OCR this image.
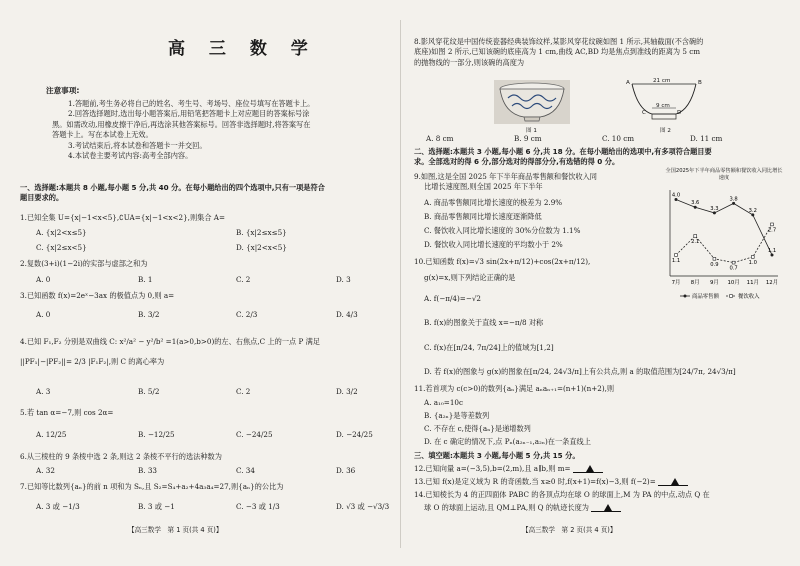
高 三 数 学
注意事项:
1.答题前,考生务必将自己的姓名、考生号、考场号、座位号填写在答题卡上。
2.回答选择题时,选出每小题答案后,用铅笔把答题卡上对应题目的答案标号涂
黑。如需改动,用橡皮擦干净后,再选涂其他答案标号。回答非选择题时,将答案写在
答题卡上。写在本试卷上无效。
3.考试结束后,将本试卷和答题卡一并交回。
4.本试卷主要考试内容:高考全部内容。
一、选择题:本题共 8 小题,每小题 5 分,共 40 分。在每小题给出的四个选项中,只有一项是符合
题目要求的。
1.已知全集 U={x|−1<x<5},∁UA={x|−1<x<2},则集合 A=
A. {x|2<x≤5}	B. {x|2≤x≤5}
C. {x|2≤x<5}	D. {x|2<x<5}
2.复数(3+i)(1−2i)的实部与虚部之和为
A. 0	B. 1	C. 2	D. 3
3.已知函数 f(x)=2eˣ−3ax 的极值点为 0,则 a=
A. 0	B. 3/2	C. 2/3	D. 4/3
4.已知 F₁,F₂ 分别是双曲线 C: x²/a² − y²/b² =1(a>0,b>0)的左、右焦点,C 上的一点 P 满足
||PF₁|−|PF₂||= 2/3 |F₁F₂|,则 C 的离心率为
A. 3	B. 5/2	C. 2	D. 3/2
5.若 tan α=−7,则 cos 2α=
A. 12/25	B. −12/25	C. −24/25	D. −24/25
6.从三棱柱的 9 条棱中选 2 条,则这 2 条棱不平行的选法种数为
A. 32	B. 33	C. 34	D. 36
7.已知等比数列{aₙ}的前 n 项和为 Sₙ,且 S₂=S₄+a₂+4a₃a₄=27,则{aₙ}的公比为
A. 3 或 −1/3	B. 3 或 −1	C. −3 或 1/3	D. √3 或 −√3/3
【高三数学　第 1 页(共 4 页)】
8.影风穿花纹是中国传统瓷器经典装饰纹样,某影风穿花纹碗如图 1 所示,其轴截面(不含碗的
底座)如图 2 所示,已知该碗的底座高为 1 cm,曲线 AC,BD 均是焦点到准线的距离为 5 cm
的抛物线的一部分,则该碗的高度为
图 1
21 cm
9 cm
A	B
C	D
图 2
A. 8 cm	B. 9 cm	C. 10 cm	D. 11 cm
二、选择题:本题共 3 小题,每小题 6 分,共 18 分。在每小题给出的选项中,有多项符合题目要
求。全部选对的得 6 分,部分选对的得部分分,有选错的得 0 分。
9.如图,这是全国 2025 年下半年商品零售额和餐饮收入同
比增长速度图,则全国 2025 年下半年
A. 商品零售额同比增长速度的极差为 2.9%
B. 商品零售额同比增长速度逐渐降低
C. 餐饮收入同比增长速度的 30%分位数为 1.1%
D. 餐饮收入同比增长速度的平均数小于 2%
全国2025年下半年商品零售额和餐饮收入同比增长速度
7月 8月 9月 10月 11月 12月
4.0
3.6
3.3
3.8
3.2
1.1
1.1
2.1
0.9
0.7
1.0
2.7
商品零售额	餐饮收入
10.已知函数 f(x)=√3 sin(2x+π/12)+cos(2x+π/12),
g(x)=x,则下列结论正确的是
A. f(−π/4)=−√2
B. f(x)的图象关于直线 x=−π/8 对称
C. f(x)在[π/24, 7π/24]上的值域为[1,2]
D. 若 f(x)的图象与 g(x)的图象在[π/24, 24√3/π]上有公共点,则 a 的取值范围为[24/7π, 24√3/π]
11.若首项为 c(c>0)的数列{aₙ}满足 aₙaₙ₊₁=(n+1)(n+2),则
A. a₁₀=10c
B. {a₂ₙ}是等差数列
C. 不存在 c,使得{aₙ}是递增数列
D. 在 c 确定的情况下,点 Pₙ(a₂ₙ₋₁,a₂ₙ)在一条直线上
三、填空题:本题共 3 小题,每小题 5 分,共 15 分。
12.已知向量 a=(−3,5),b=(2,m),且 a∥b,则 m=
13.已知 f(x)是定义域为 R 的奇函数,当 x≥0 时,f(x+1)=f(x)−3,则 f(−2)=
14.已知棱长为 4 的正四面体 PABC 的各顶点均在球 O 的球面上,M 为 PA 的中点,动点 Q 在
球 O 的球面上运动,且 QM⊥PA,则 Q 的轨迹长度为
【高三数学　第 2 页(共 4 页)】
